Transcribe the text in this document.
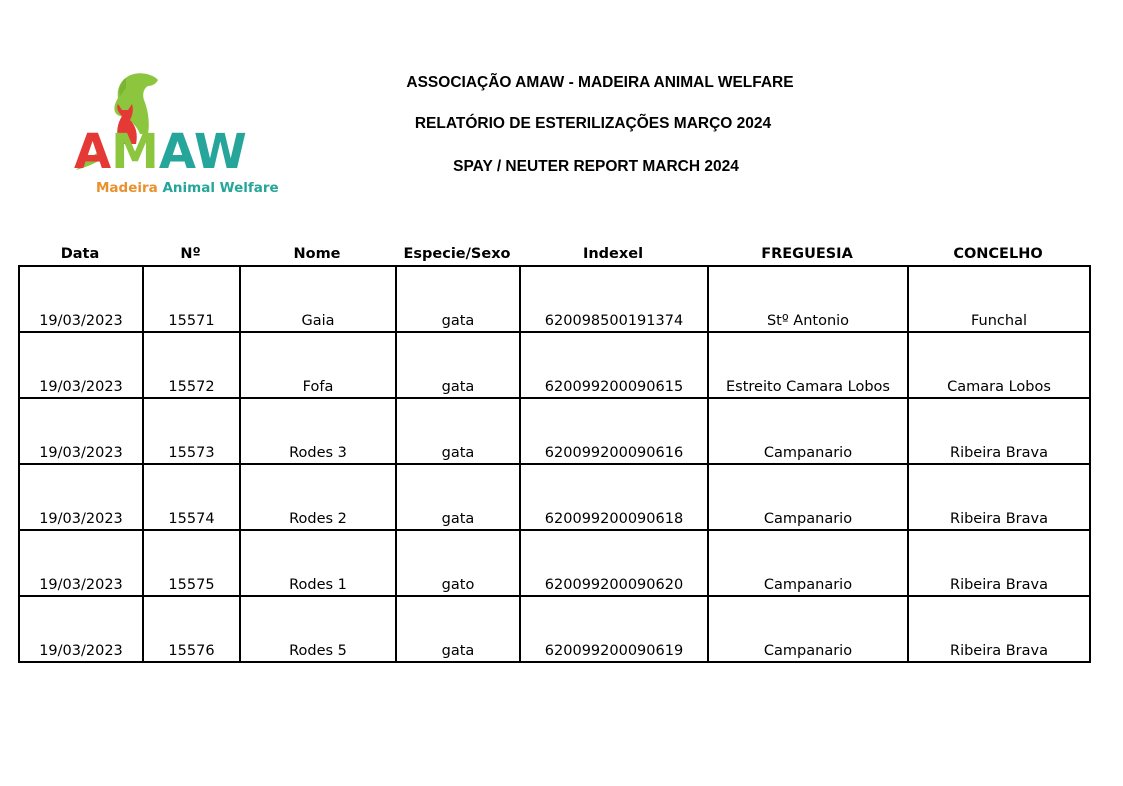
AMAW
Madeira Animal Welfare
ASSOCIAÇÃO AMAW - MADEIRA ANIMAL WELFARE
RELATÓRIO DE ESTERILIZAÇÕES MARÇO 2024
SPAY / NEUTER REPORT MARCH 2024
Data	Nº	Nome	Especie/Sexo	Indexel	FREGUESIA	CONCELHO
19/03/2023	15571	Gaia	gata	620098500191374	Stº Antonio	Funchal
19/03/2023	15572	Fofa	gata	620099200090615	Estreito Camara Lobos	Camara Lobos
19/03/2023	15573	Rodes 3	gata	620099200090616	Campanario	Ribeira Brava
19/03/2023	15574	Rodes 2	gata	620099200090618	Campanario	Ribeira Brava
19/03/2023	15575	Rodes 1	gato	620099200090620	Campanario	Ribeira Brava
19/03/2023	15576	Rodes 5	gata	620099200090619	Campanario	Ribeira Brava
